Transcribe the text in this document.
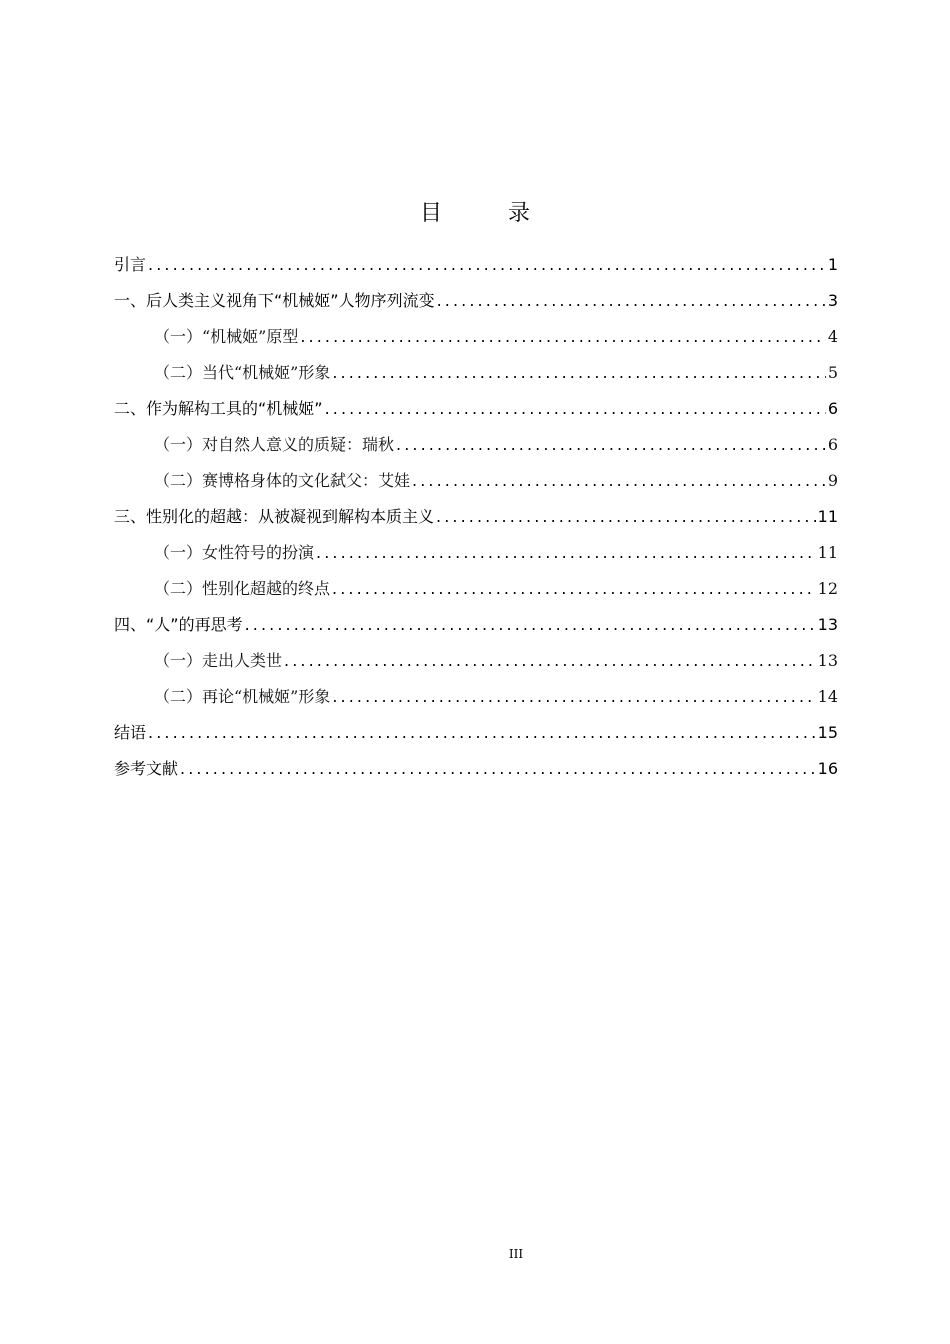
目　录
引言 .....	1
一、后人类主义视角下“机械姬”人物序列流变 .....	3
（一）“机械姬”原型 .....	4
（二）当代“机械姬”形象 .....	5
二、作为解构工具的“机械姬” .....	6
（一）对自然人意义的质疑：瑞秋 .....	6
（二）赛博格身体的文化弑父：艾娃 .....	9
三、性别化的超越：从被凝视到解构本质主义 .....	11
（一）女性符号的扮演 .....	11
（二）性别化超越的终点 .....	12
四、“人”的再思考 .....	13
（一）走出人类世 .....	13
（二）再论“机械姬”形象 .....	14
结语 .....	15
参考文献 .....	16
III
